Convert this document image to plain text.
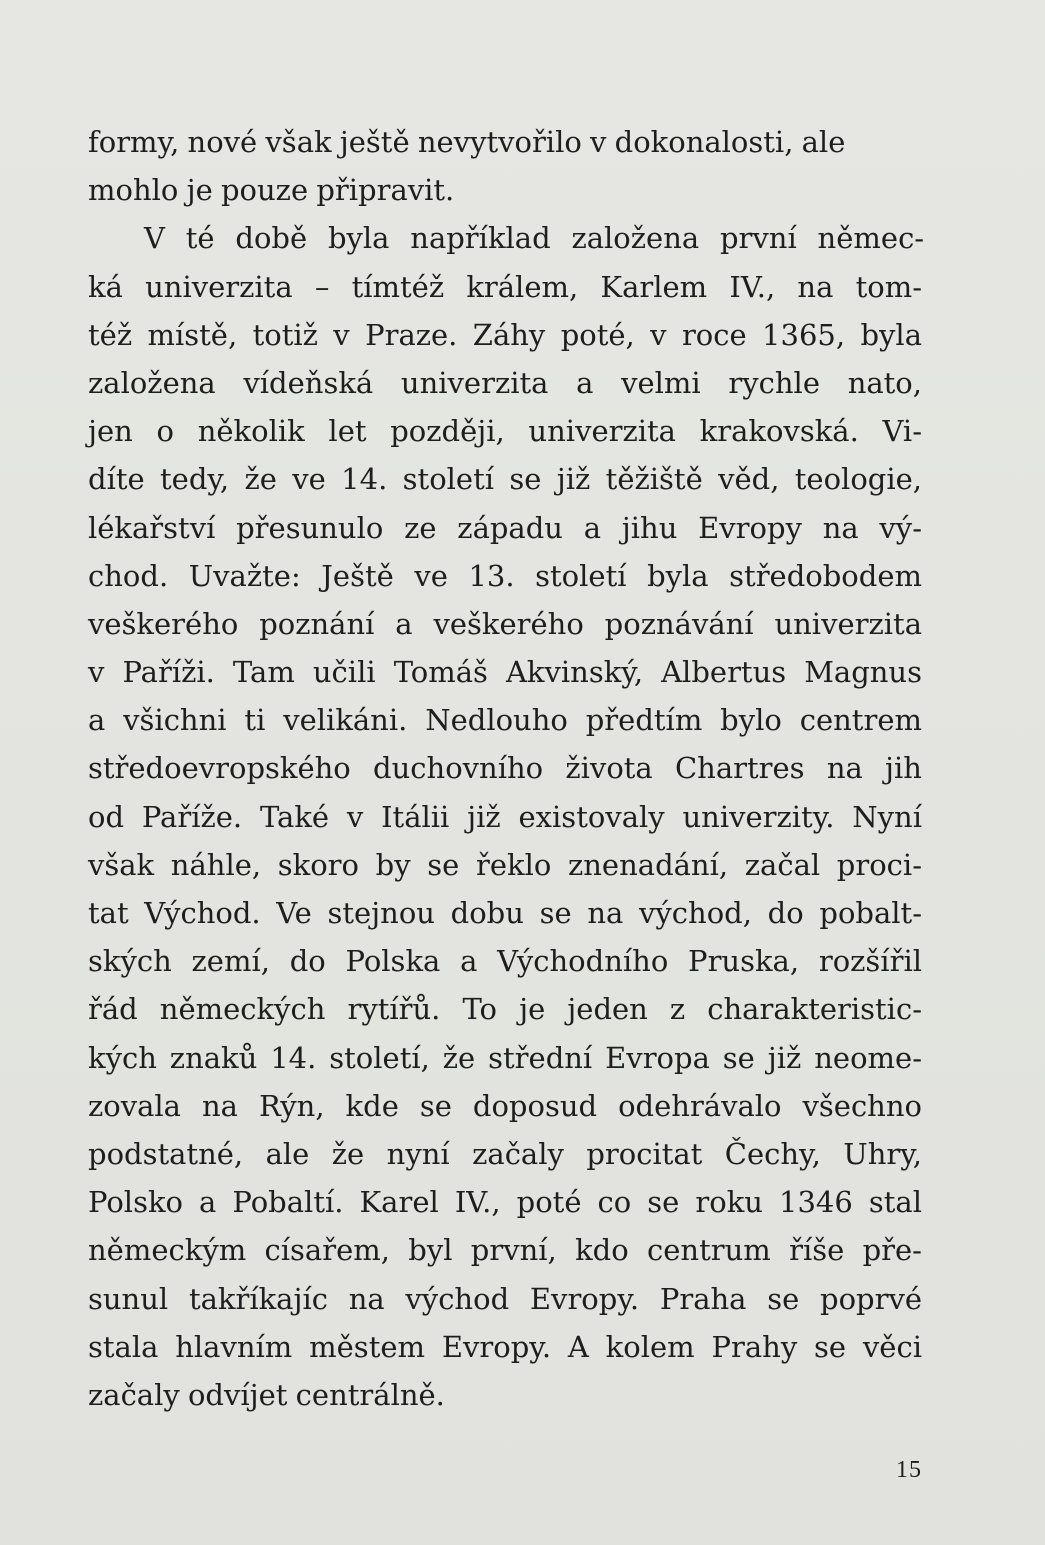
formy, nové však ještě nevytvořilo v dokonalosti, ale
mohlo je pouze připravit.
V té době byla například založena první němec-
ká univerzita – tímtéž králem, Karlem IV., na tom-
též místě, totiž v Praze. Záhy poté, v roce 1365, byla
založena vídeňská univerzita a velmi rychle nato,
jen o několik let později, univerzita krakovská. Vi-
díte tedy, že ve 14. století se již těžiště věd, teologie,
lékařství přesunulo ze západu a jihu Evropy na vý-
chod. Uvažte: Ještě ve 13. století byla středobodem
veškerého poznání a veškerého poznávání univerzita
v Paříži. Tam učili Tomáš Akvinský, Albertus Magnus
a všichni ti velikáni. Nedlouho předtím bylo centrem
středoevropského duchovního života Chartres na jih
od Paříže. Také v Itálii již existovaly univerzity. Nyní
však náhle, skoro by se řeklo znenadání, začal proci-
tat Východ. Ve stejnou dobu se na východ, do pobalt-
ských zemí, do Polska a Východního Pruska, rozšířil
řád německých rytířů. To je jeden z charakteristic-
kých znaků 14. století, že střední Evropa se již neome-
zovala na Rýn, kde se doposud odehrávalo všechno
podstatné, ale že nyní začaly procitat Čechy, Uhry,
Polsko a Pobaltí. Karel IV., poté co se roku 1346 stal
německým císařem, byl první, kdo centrum říše pře-
sunul takříkajíc na východ Evropy. Praha se poprvé
stala hlavním městem Evropy. A kolem Prahy se věci
začaly odvíjet centrálně.
15
